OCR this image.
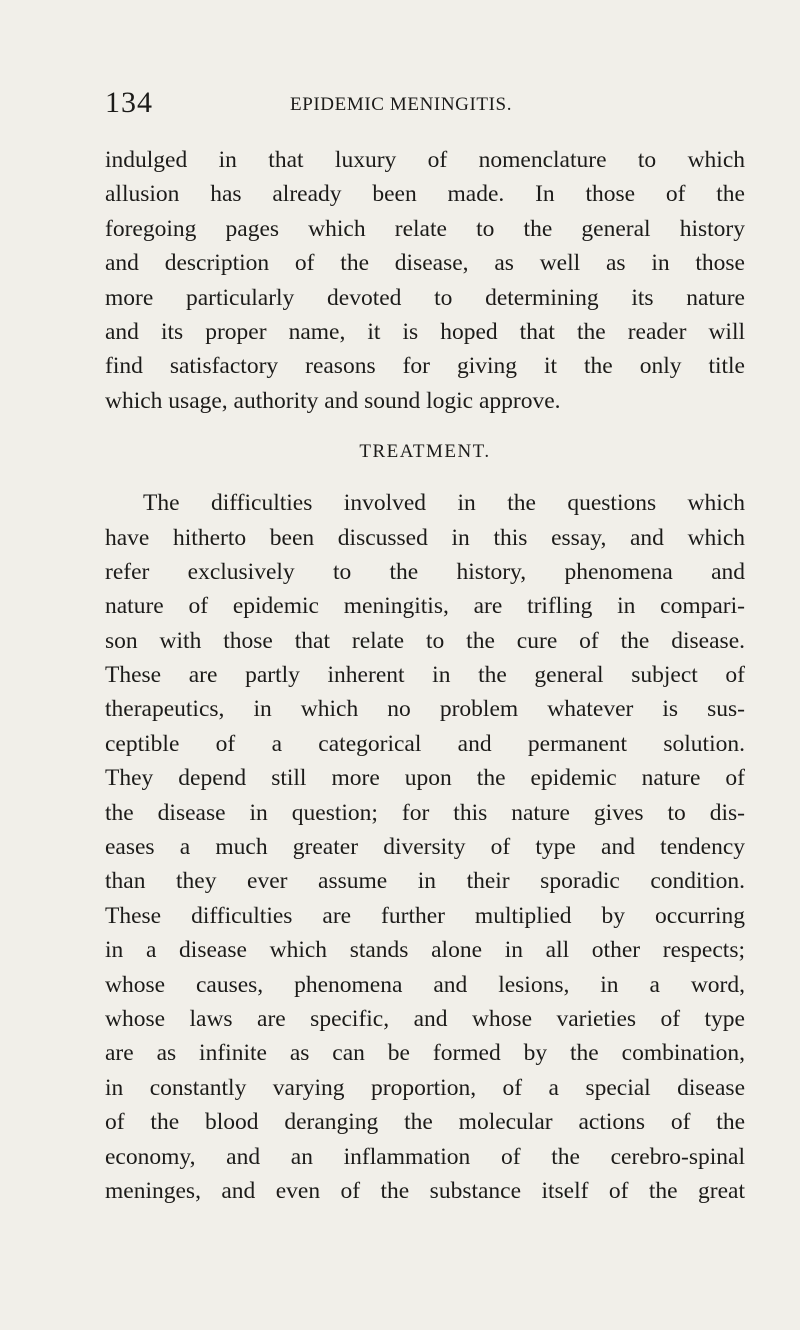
134	EPIDEMIC MENINGITIS.
indulged in that luxury of nomenclature to which
allusion has already been made. In those of the
foregoing pages which relate to the general history
and description of the disease, as well as in those
more particularly devoted to determining its nature
and its proper name, it is hoped that the reader will
find satisfactory reasons for giving it the only title
which usage, authority and sound logic approve.
TREATMENT.
The difficulties involved in the questions which
have hitherto been discussed in this essay, and which
refer exclusively to the history, phenomena and
nature of epidemic meningitis, are trifling in compari-
son with those that relate to the cure of the disease.
These are partly inherent in the general subject of
therapeutics, in which no problem whatever is sus-
ceptible of a categorical and permanent solution.
They depend still more upon the epidemic nature of
the disease in question; for this nature gives to dis-
eases a much greater diversity of type and tendency
than they ever assume in their sporadic condition.
These difficulties are further multiplied by occurring
in a disease which stands alone in all other respects;
whose causes, phenomena and lesions, in a word,
whose laws are specific, and whose varieties of type
are as infinite as can be formed by the combination,
in constantly varying proportion, of a special disease
of the blood deranging the molecular actions of the
economy, and an inflammation of the cerebro-spinal
meninges, and even of the substance itself of the great
